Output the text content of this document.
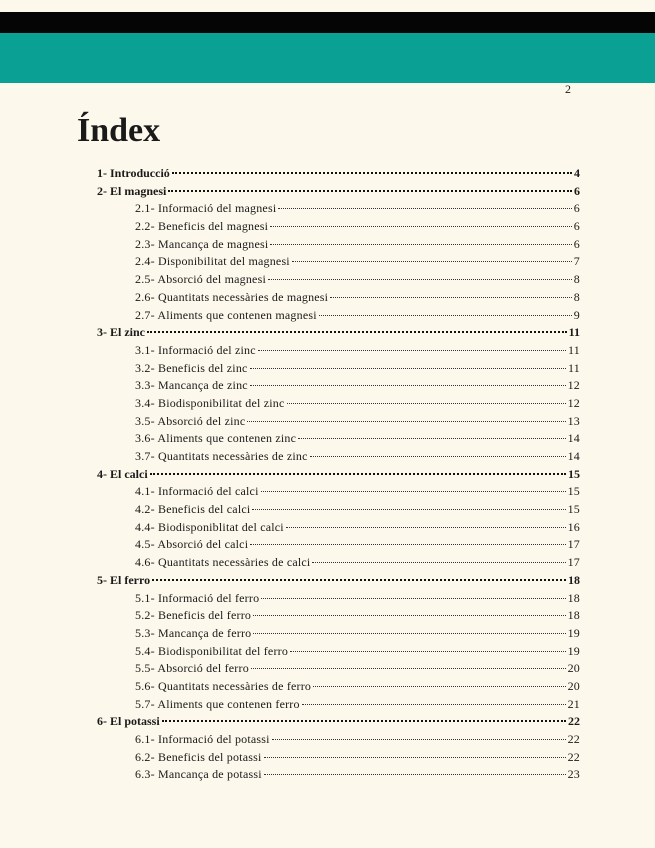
2
Índex
1- Introducció	4
2- El magnesi	6
2.1- Informació del magnesi	6
2.2- Beneficis del magnesi	6
2.3- Mancança de magnesi	6
2.4- Disponibilitat del magnesi	7
2.5- Absorció del magnesi	8
2.6- Quantitats necessàries de magnesi	8
2.7- Aliments que contenen magnesi	9
3- El zinc	11
3.1- Informació del zinc	11
3.2- Beneficis del zinc	11
3.3- Mancança de zinc	12
3.4- Biodisponibilitat del zinc	12
3.5- Absorció del zinc	13
3.6- Aliments que contenen zinc	14
3.7- Quantitats necessàries de zinc	14
4- El calci	15
4.1- Informació del calci	15
4.2- Beneficis del calci	15
4.4- Biodisponiblitat del calci	16
4.5- Absorció del calci	17
4.6- Quantitats necessàries de calci	17
5- El ferro	18
5.1- Informació del ferro	18
5.2- Beneficis del ferro	18
5.3- Mancança de ferro	19
5.4- Biodisponibilitat del ferro	19
5.5- Absorció del ferro	20
5.6- Quantitats necessàries de ferro	20
5.7- Aliments que contenen ferro	21
6- El potassi	22
6.1- Informació del potassi	22
6.2- Beneficis del potassi	22
6.3- Mancança de potassi	23
